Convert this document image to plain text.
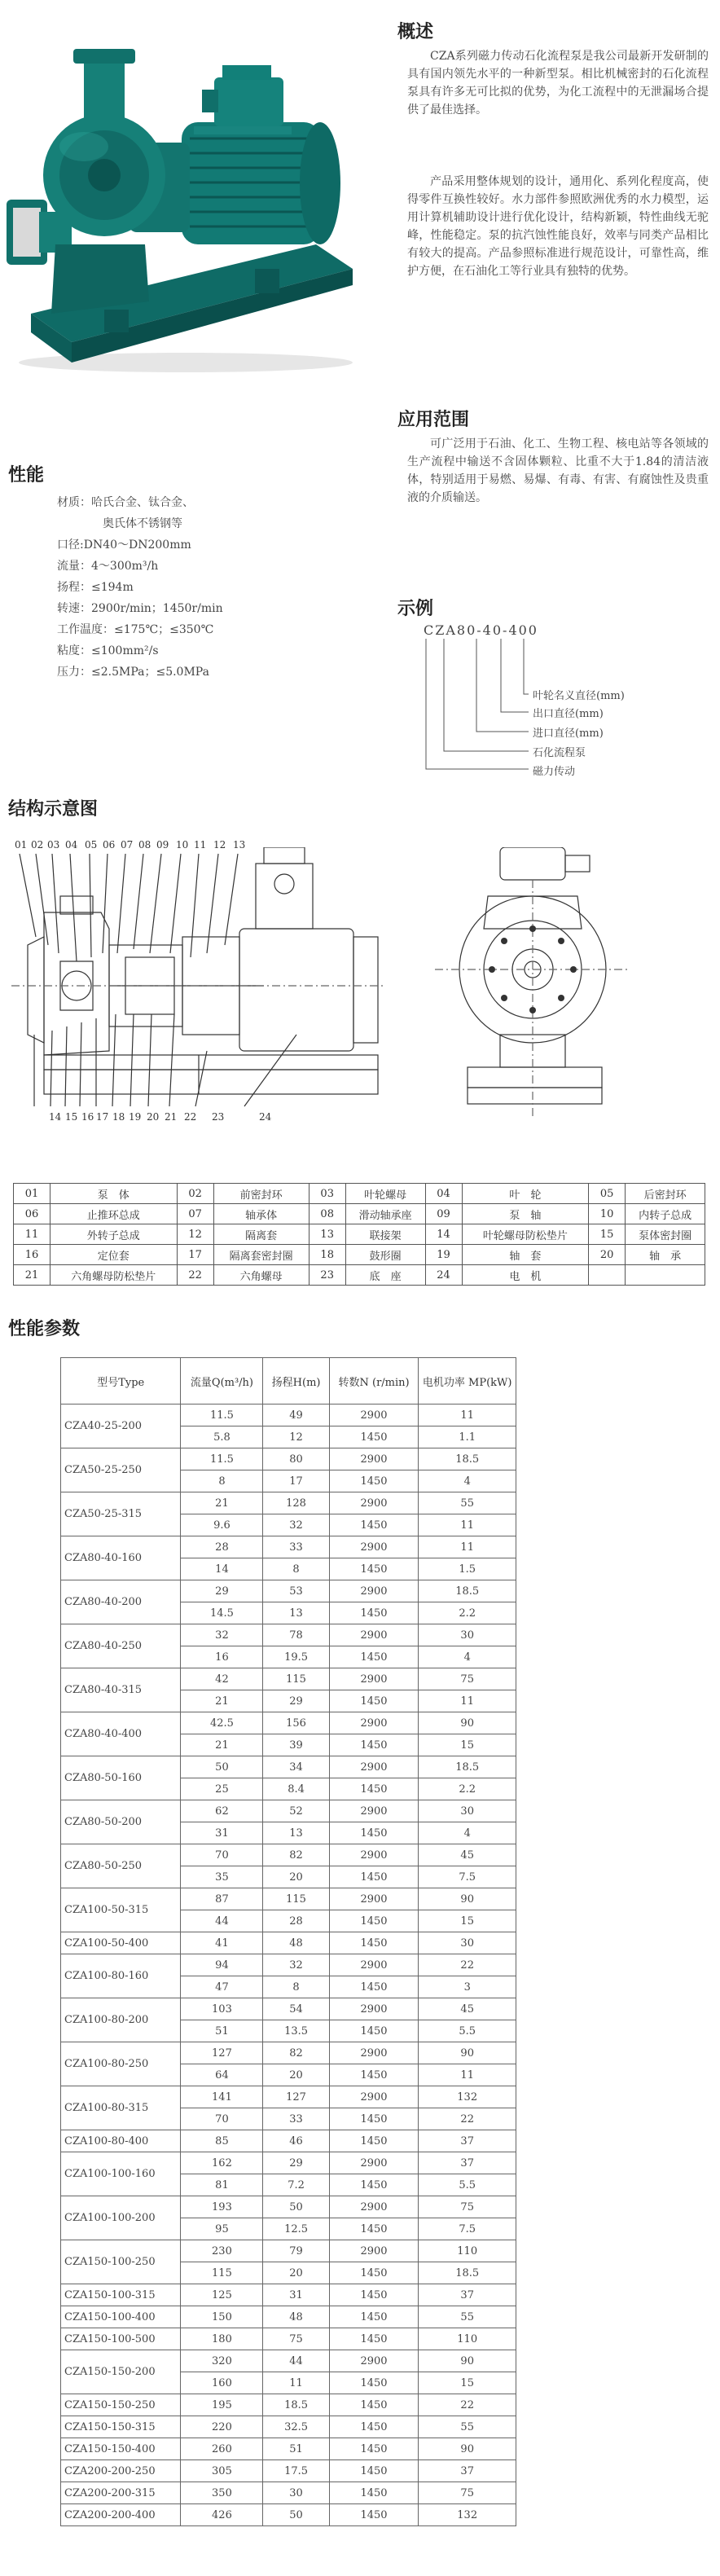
概述
CZA系列磁力传动石化流程泵是我公司最新开发研制的具有国内领先水平的一种新型泵。相比机械密封的石化流程泵具有许多无可比拟的优势，为化工流程中的无泄漏场合提供了最佳选择。
产品采用整体规划的设计，通用化、系列化程度高，使得零件互换性较好。水力部件参照欧洲优秀的水力模型，运用计算机辅助设计进行优化设计，结构新颖，特性曲线无驼峰，性能稳定。泵的抗汽蚀性能良好，效率与同类产品相比有较大的提高。产品参照标准进行规范设计，可靠性高，维护方便，在石油化工等行业具有独特的优势。
应用范围
可广泛用于石油、化工、生物工程、核电站等各领域的生产流程中输送不含固体颗粒、比重不大于1.84的清洁液体，特别适用于易燃、易爆、有毒、有害、有腐蚀性及贵重液的介质输送。
性能
材质：哈氏合金、钛合金、
奥氏体不锈钢等
口径:DN40～DN200mm
流量：4～300m³/h
扬程：≤194m
转速：2900r/min；1450r/min
工作温度：≤175℃；≤350℃
粘度：≤100mm²/s
压力：≤2.5MPa；≤5.0MPa
示例
CZA80-40-400
叶轮名义直径(mm)
出口直径(mm)
进口直径(mm)
石化流程泵
磁力传动
结构示意图
01 02 03 04 05 06 07 08 09 10 11 12 13
14 15 16 17 18 19 20 21 22 23	24
01	泵　体	02	前密封环	03	叶轮螺母	04	叶　轮	05	后密封环
06	止推环总成	07	轴承体	08	滑动轴承座	09	泵　轴	10	内转子总成
11	外转子总成	12	隔离套	13	联接架	14	叶轮螺母防松垫片	15	泵体密封圈
16	定位套	17	隔离套密封圈	18	鼓形圈	19	轴　套	20	轴　承
21	六角螺母防松垫片	22	六角螺母	23	底　座	24	电　机		
性能参数
型号Type	流量Q(m³/h)	扬程H(m)	转数N (r/min)	电机功率 MP(kW)
CZA40-25-200	11.5	49	2900	11
	5.8	12	1450	1.1
CZA50-25-250	11.5	80	2900	18.5
	8	17	1450	4
CZA50-25-315	21	128	2900	55
	9.6	32	1450	11
CZA80-40-160	28	33	2900	11
	14	8	1450	1.5
CZA80-40-200	29	53	2900	18.5
	14.5	13	1450	2.2
CZA80-40-250	32	78	2900	30
	16	19.5	1450	4
CZA80-40-315	42	115	2900	75
	21	29	1450	11
CZA80-40-400	42.5	156	2900	90
	21	39	1450	15
CZA80-50-160	50	34	2900	18.5
	25	8.4	1450	2.2
CZA80-50-200	62	52	2900	30
	31	13	1450	4
CZA80-50-250	70	82	2900	45
	35	20	1450	7.5
CZA100-50-315	87	115	2900	90
	44	28	1450	15
CZA100-50-400	41	48	1450	30
CZA100-80-160	94	32	2900	22
	47	8	1450	3
CZA100-80-200	103	54	2900	45
	51	13.5	1450	5.5
CZA100-80-250	127	82	2900	90
	64	20	1450	11
CZA100-80-315	141	127	2900	132
	70	33	1450	22
CZA100-80-400	85	46	1450	37
CZA100-100-160	162	29	2900	37
	81	7.2	1450	5.5
CZA100-100-200	193	50	2900	75
	95	12.5	1450	7.5
CZA150-100-250	230	79	2900	110
	115	20	1450	18.5
CZA150-100-315	125	31	1450	37
CZA150-100-400	150	48	1450	55
CZA150-100-500	180	75	1450	110
CZA150-150-200	320	44	2900	90
	160	11	1450	15
CZA150-150-250	195	18.5	1450	22
CZA150-150-315	220	32.5	1450	55
CZA150-150-400	260	51	1450	90
CZA200-200-250	305	17.5	1450	37
CZA200-200-315	350	30	1450	75
CZA200-200-400	426	50	1450	132
